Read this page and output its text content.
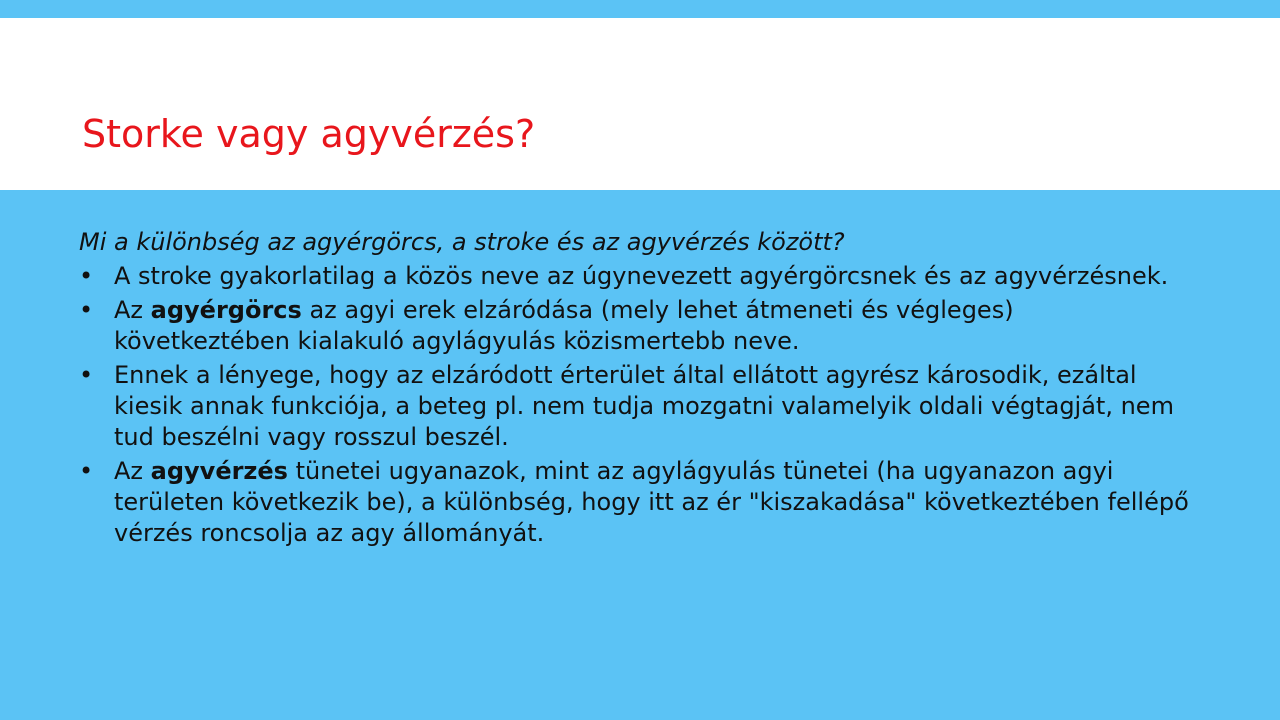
Storke vagy agyvérzés?

Mi a különbség az agyérgörcs, a stroke és az agyvérzés között?

• A stroke gyakorlatilag a közös neve az úgynevezett agyérgörcsnek és az agyvérzésnek.
• Az agyérgörcs az agyi erek elzáródása (mely lehet átmeneti és végleges) következtében kialakuló agylágyulás közismertebb neve.
• Ennek a lényege, hogy az elzáródott érterület által ellátott agyrész károsodik, ezáltal kiesik annak funkciója, a beteg pl. nem tudja mozgatni valamelyik oldali végtagját, nem tud beszélni vagy rosszul beszél.
• Az agyvérzés tünetei ugyanazok, mint az agylágyulás tünetei (ha ugyanazon agyi területen következik be), a különbség, hogy itt az ér "kiszakadása" következtében fellépő vérzés roncsolja az agy állományát.
